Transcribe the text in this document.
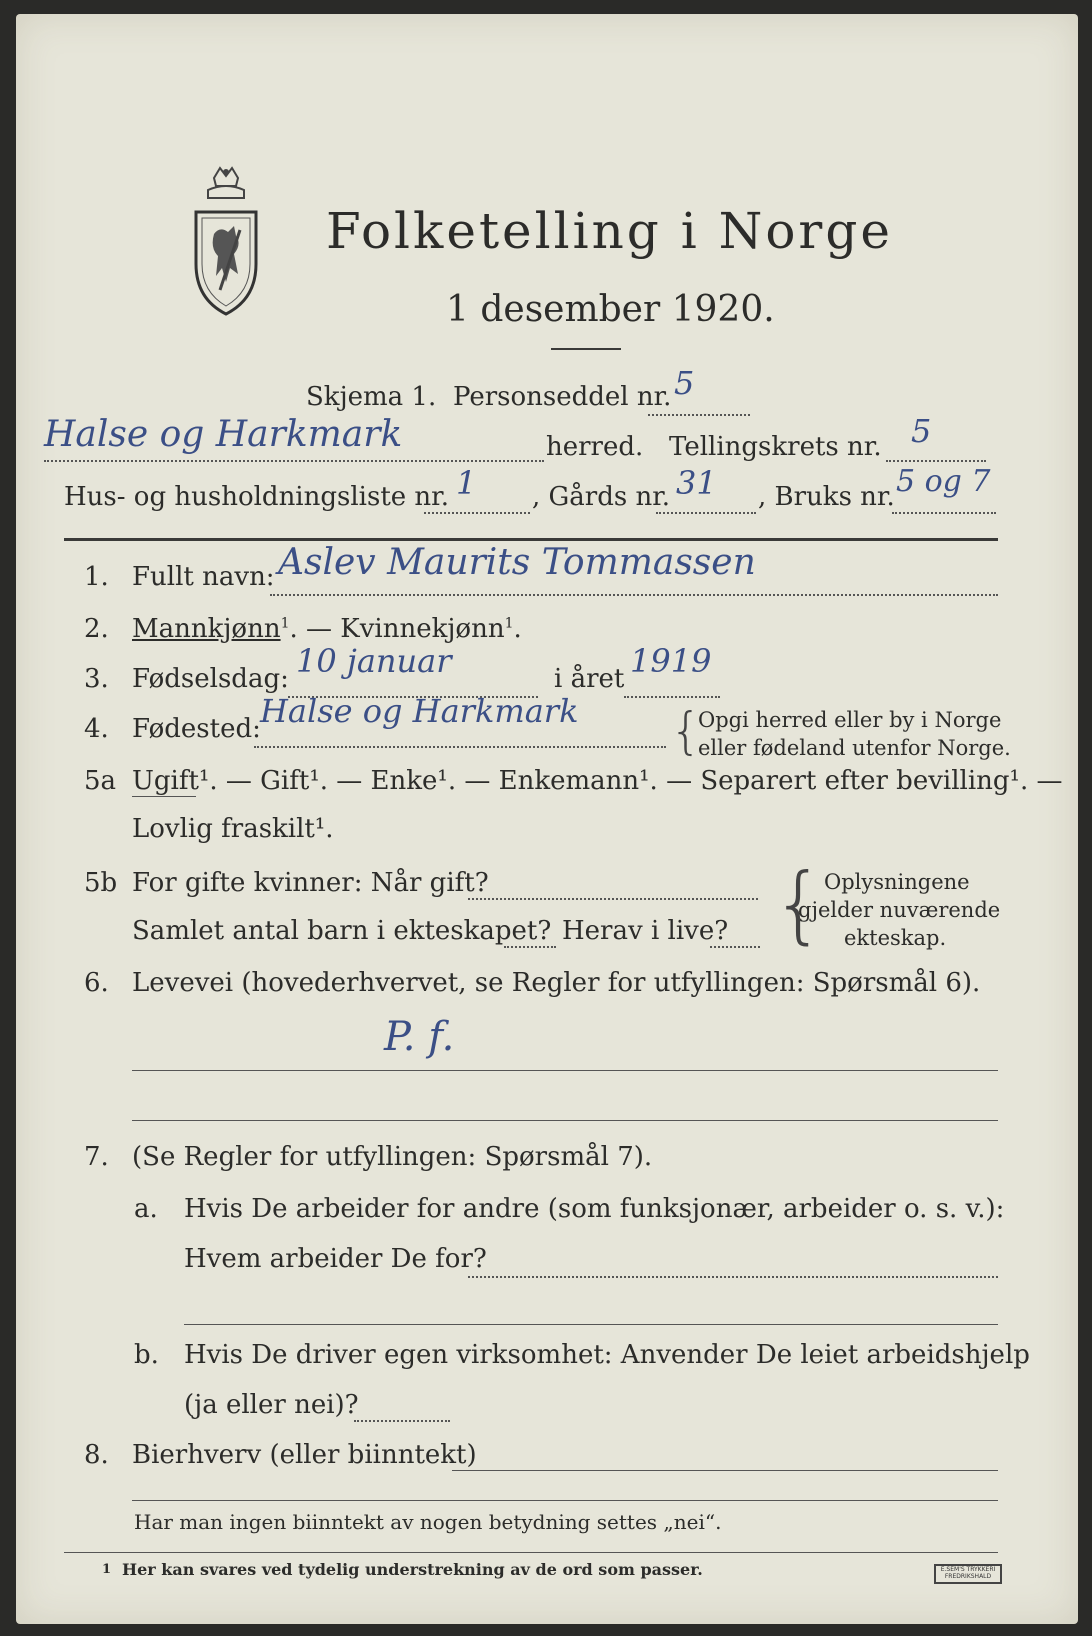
Folketelling i Norge
1 desember 1920.
Skjema 1. Personseddel nr. 5
Halse og Harkmark	herred. Tellingskrets nr. 5
Hus- og husholdningsliste nr. 1 , Gårds nr. 31 , Bruks nr. 5 og 7
1. Fullt navn: Aslev Maurits Tommassen
2. Mannkjønn$^1$. — Kvinnekjønn$^1$.
3. Fødselsdag: 10 januar	i året 1919
4. Fødested: Halse og Harkmark {
Opgi herred eller by i Norge
eller fødeland utenfor Norge.
5a Ugift¹. — Gift¹. — Enke¹. — Enkemann¹. — Separert efter bevilling¹. —
Lovlig fraskilt¹.
5b For gifte kvinner: Når gift?
Samlet antal barn i ekteskapet? Herav i live? {
Oplysningene
gjelder nuværende
ekteskap.
6. Levevei (hovederhvervet, se Regler for utfyllingen: Spørsmål 6).
P. f.
7. (Se Regler for utfyllingen: Spørsmål 7).
a. Hvis De arbeider for andre (som funksjonær, arbeider o. s. v.):
Hvem arbeider De for?
b. Hvis De driver egen virksomhet: Anvender De leiet arbeidshjelp
(ja eller nei)?
8. Bierhverv (eller biinntekt)
Har man ingen biinntekt av nogen betydning settes „nei“.
1 Her kan svares ved tydelig understrekning av de ord som passer.	E.SEM'S TRYKKERI
FREDRIKSHALD
